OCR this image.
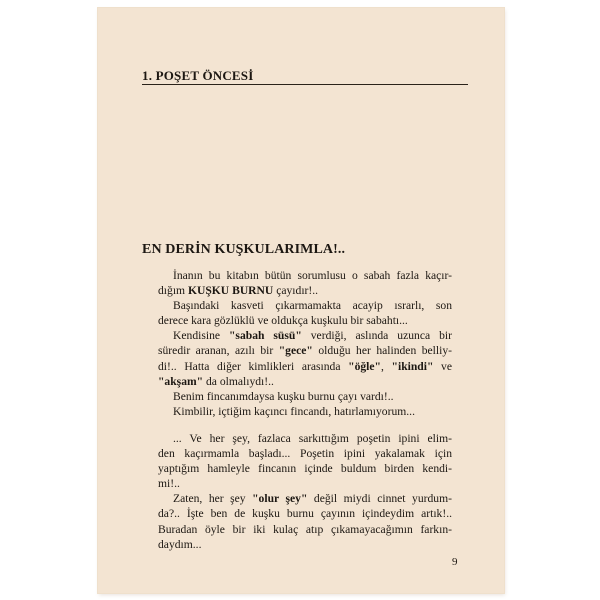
1. POŞET ÖNCESİ
EN DERİN KUŞKULARIMLA!..
İnanın bu kitabın bütün sorumlusu o sabah fazla kaçır-
dığım KUŞKU BURNU çayıdır!..
Başındaki kasveti çıkarmamakta acayip ısrarlı, son
derece kara gözlüklü ve oldukça kuşkulu bir sabahtı...
Kendisine "sabah süsü" verdiği, aslında uzunca bir
süredir aranan, azılı bir "gece" olduğu her halinden belliy-
di!.. Hatta diğer kimlikleri arasında "öğle", "ikindi" ve
"akşam" da olmalıydı!..
Benim fincanımdaysa kuşku burnu çayı vardı!..
Kimbilir, içtiğim kaçıncı fincandı, hatırlamıyorum...
... Ve her şey, fazlaca sarkıttığım poşetin ipini elim-
den kaçırmamla başladı... Poşetin ipini yakalamak için
yaptığım hamleyle fincanın içinde buldum birden kendi-
mi!..
Zaten, her şey "olur şey" değil miydi cinnet yurdum-
da?.. İşte ben de kuşku burnu çayının içindeydim artık!..
Buradan öyle bir iki kulaç atıp çıkamayacağımın farkın-
daydım...
9
